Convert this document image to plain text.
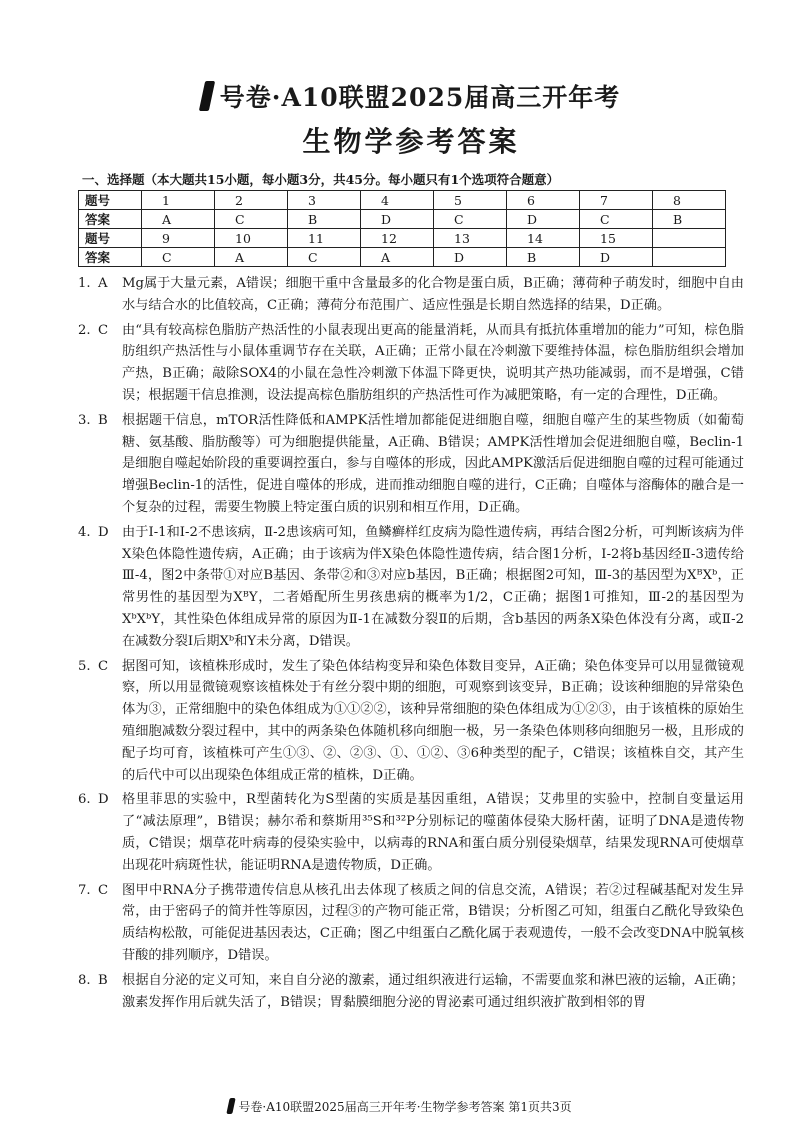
号卷·A10联盟2025届高三开年考
生物学参考答案
一、选择题（本大题共15小题，每小题3分，共45分。每小题只有1个选项符合题意）
题号	1	2	3	4	5	6	7	8
答案	A	C	B	D	C	D	C	B
题号	9	10	11	12	13	14	15	
答案	C	A	C	A	D	B	D	
1. A	Mg属于大量元素，A错误；细胞干重中含量最多的化合物是蛋白质，B正确；薄荷种子萌发时，细胞中自由水与结合水的比值较高，C正确；薄荷分布范围广、适应性强是长期自然选择的结果，D正确。
2. C	由“具有较高棕色脂肪产热活性的小鼠表现出更高的能量消耗，从而具有抵抗体重增加的能力”可知，棕色脂肪组织产热活性与小鼠体重调节存在关联，A正确；正常小鼠在冷刺激下要维持体温，棕色脂肪组织会增加产热，B正确；敲除SOX4的小鼠在急性冷刺激下体温下降更快，说明其产热功能减弱，而不是增强，C错误；根据题干信息推测，设法提高棕色脂肪组织的产热活性可作为减肥策略，有一定的合理性，D正确。
3. B	根据题干信息，mTOR活性降低和AMPK活性增加都能促进细胞自噬，细胞自噬产生的某些物质（如葡萄糖、氨基酸、脂肪酸等）可为细胞提供能量，A正确、B错误；AMPK活性增加会促进细胞自噬，Beclin-1是细胞自噬起始阶段的重要调控蛋白，参与自噬体的形成，因此AMPK激活后促进细胞自噬的过程可能通过增强Beclin-1的活性，促进自噬体的形成，进而推动细胞自噬的进行，C正确；自噬体与溶酶体的融合是一个复杂的过程，需要生物膜上特定蛋白质的识别和相互作用，D正确。
4. D	由于Ⅰ-1和Ⅰ-2不患该病，Ⅱ-2患该病可知，鱼鳞癣样红皮病为隐性遗传病，再结合图2分析，可判断该病为伴X染色体隐性遗传病，A正确；由于该病为伴X染色体隐性遗传病，结合图1分析，Ⅰ-2将b基因经Ⅱ-3遗传给Ⅲ-4，图2中条带①对应B基因、条带②和③对应b基因，B正确；根据图2可知，Ⅲ-3的基因型为XᴮXᵇ，正常男性的基因型为XᴮY，二者婚配所生男孩患病的概率为1/2，C正确；据图1可推知，Ⅲ-2的基因型为XᵇXᵇY，其性染色体组成异常的原因为Ⅱ-1在减数分裂Ⅱ的后期，含b基因的两条X染色体没有分离，或Ⅱ-2在减数分裂Ⅰ后期Xᵇ和Y未分离，D错误。
5. C	据图可知，该植株形成时，发生了染色体结构变异和染色体数目变异，A正确；染色体变异可以用显微镜观察，所以用显微镜观察该植株处于有丝分裂中期的细胞，可观察到该变异，B正确；设该种细胞的异常染色体为③，正常细胞中的染色体组成为①①②②，该种异常细胞的染色体组成为①②③，由于该植株的原始生殖细胞减数分裂过程中，其中的两条染色体随机移向细胞一极，另一条染色体则移向细胞另一极，且形成的配子均可育，该植株可产生①③、②、②③、①、①②、③6种类型的配子，C错误；该植株自交，其产生的后代中可以出现染色体组成正常的植株，D正确。
6. D	格里菲思的实验中，R型菌转化为S型菌的实质是基因重组，A错误；艾弗里的实验中，控制自变量运用了“减法原理”，B错误；赫尔希和蔡斯用³⁵S和³²P分别标记的噬菌体侵染大肠杆菌，证明了DNA是遗传物质，C错误；烟草花叶病毒的侵染实验中，以病毒的RNA和蛋白质分别侵染烟草，结果发现RNA可使烟草出现花叶病斑性状，能证明RNA是遗传物质，D正确。
7. C	图甲中RNA分子携带遗传信息从核孔出去体现了核质之间的信息交流，A错误；若②过程碱基配对发生异常，由于密码子的简并性等原因，过程③的产物可能正常，B错误；分析图乙可知，组蛋白乙酰化导致染色质结构松散，可能促进基因表达，C正确；图乙中组蛋白乙酰化属于表观遗传，一般不会改变DNA中脱氧核苷酸的排列顺序，D错误。
8. B	根据自分泌的定义可知，来自自分泌的激素，通过组织液进行运输，不需要血浆和淋巴液的运输，A正确；激素发挥作用后就失活了，B错误；胃黏膜细胞分泌的胃泌素可通过组织液扩散到相邻的胃
号卷·A10联盟2025届高三开年考·生物学参考答案 第1页共3页
